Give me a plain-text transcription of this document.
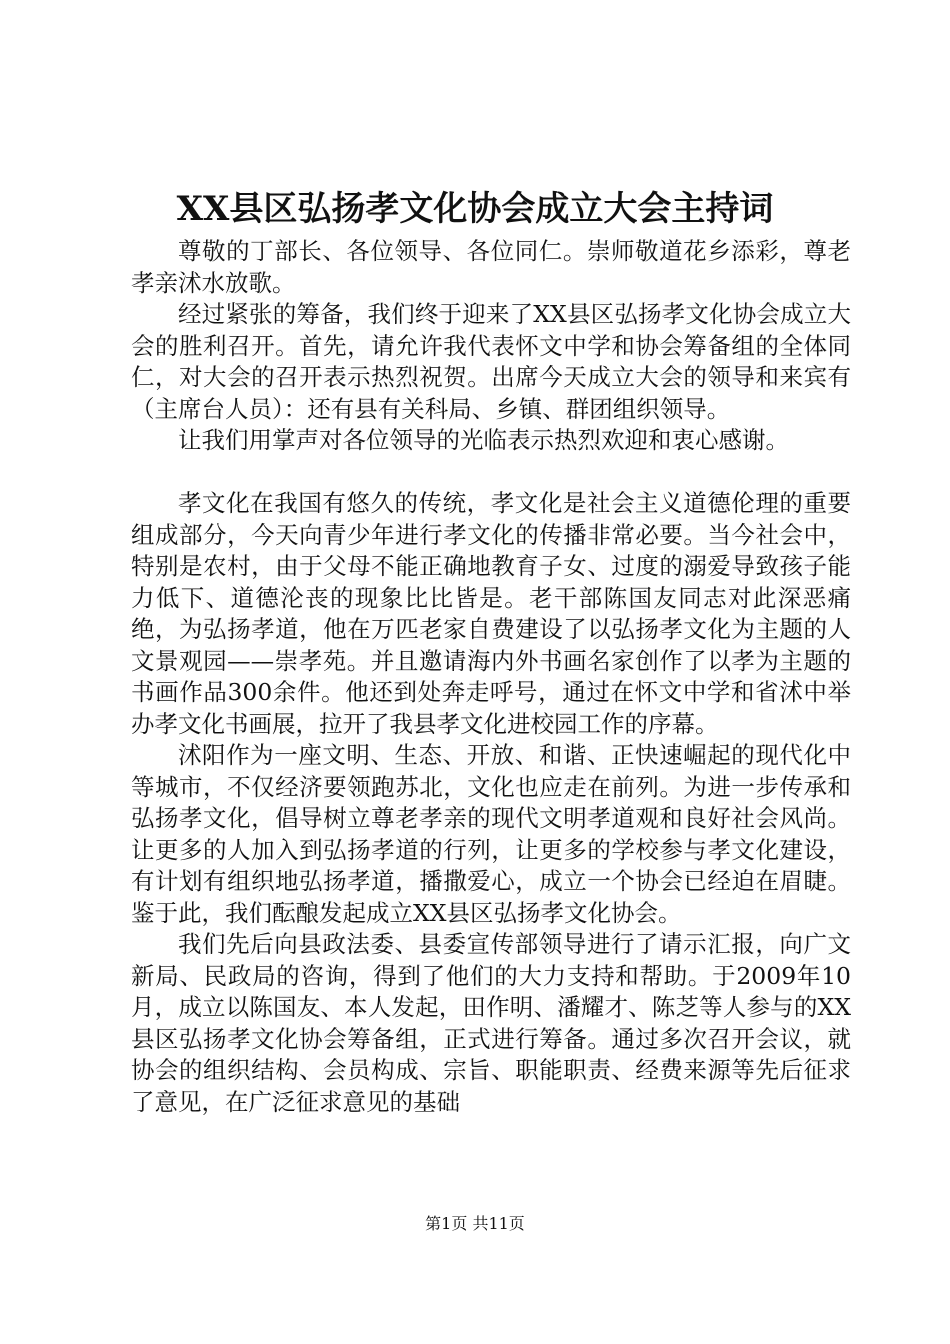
XX县区弘扬孝文化协会成立大会主持词

尊敬的丁部长、各位领导、各位同仁。崇师敬道花乡添彩，尊老孝亲沭水放歌。

经过紧张的筹备，我们终于迎来了XX县区弘扬孝文化协会成立大会的胜利召开。首先，请允许我代表怀文中学和协会筹备组的全体同仁，对大会的召开表示热烈祝贺。出席今天成立大会的领导和来宾有（主席台人员）：还有县有关科局、乡镇、群团组织领导。

让我们用掌声对各位领导的光临表示热烈欢迎和衷心感谢。

孝文化在我国有悠久的传统，孝文化是社会主义道德伦理的重要组成部分，今天向青少年进行孝文化的传播非常必要。当今社会中，特别是农村，由于父母不能正确地教育子女、过度的溺爱导致孩子能力低下、道德沦丧的现象比比皆是。老干部陈国友同志对此深恶痛绝，为弘扬孝道，他在万匹老家自费建设了以弘扬孝文化为主题的人文景观园——崇孝苑。并且邀请海内外书画名家创作了以孝为主题的书画作品300余件。他还到处奔走呼号，通过在怀文中学和省沭中举办孝文化书画展，拉开了我县孝文化进校园工作的序幕。

沭阳作为一座文明、生态、开放、和谐、正快速崛起的现代化中等城市，不仅经济要领跑苏北，文化也应走在前列。为进一步传承和弘扬孝文化，倡导树立尊老孝亲的现代文明孝道观和良好社会风尚。让更多的人加入到弘扬孝道的行列，让更多的学校参与孝文化建设，有计划有组织地弘扬孝道，播撒爱心，成立一个协会已经迫在眉睫。鉴于此，我们酝酿发起成立XX县区弘扬孝文化协会。

我们先后向县政法委、县委宣传部领导进行了请示汇报，向广文新局、民政局的咨询，得到了他们的大力支持和帮助。于2009年10月，成立以陈国友、本人发起，田作明、潘耀才、陈芝等人参与的XX县区弘扬孝文化协会筹备组，正式进行筹备。通过多次召开会议，就协会的组织结构、会员构成、宗旨、职能职责、经费来源等先后征求了意见，在广泛征求意见的基础

第1页 共11页
